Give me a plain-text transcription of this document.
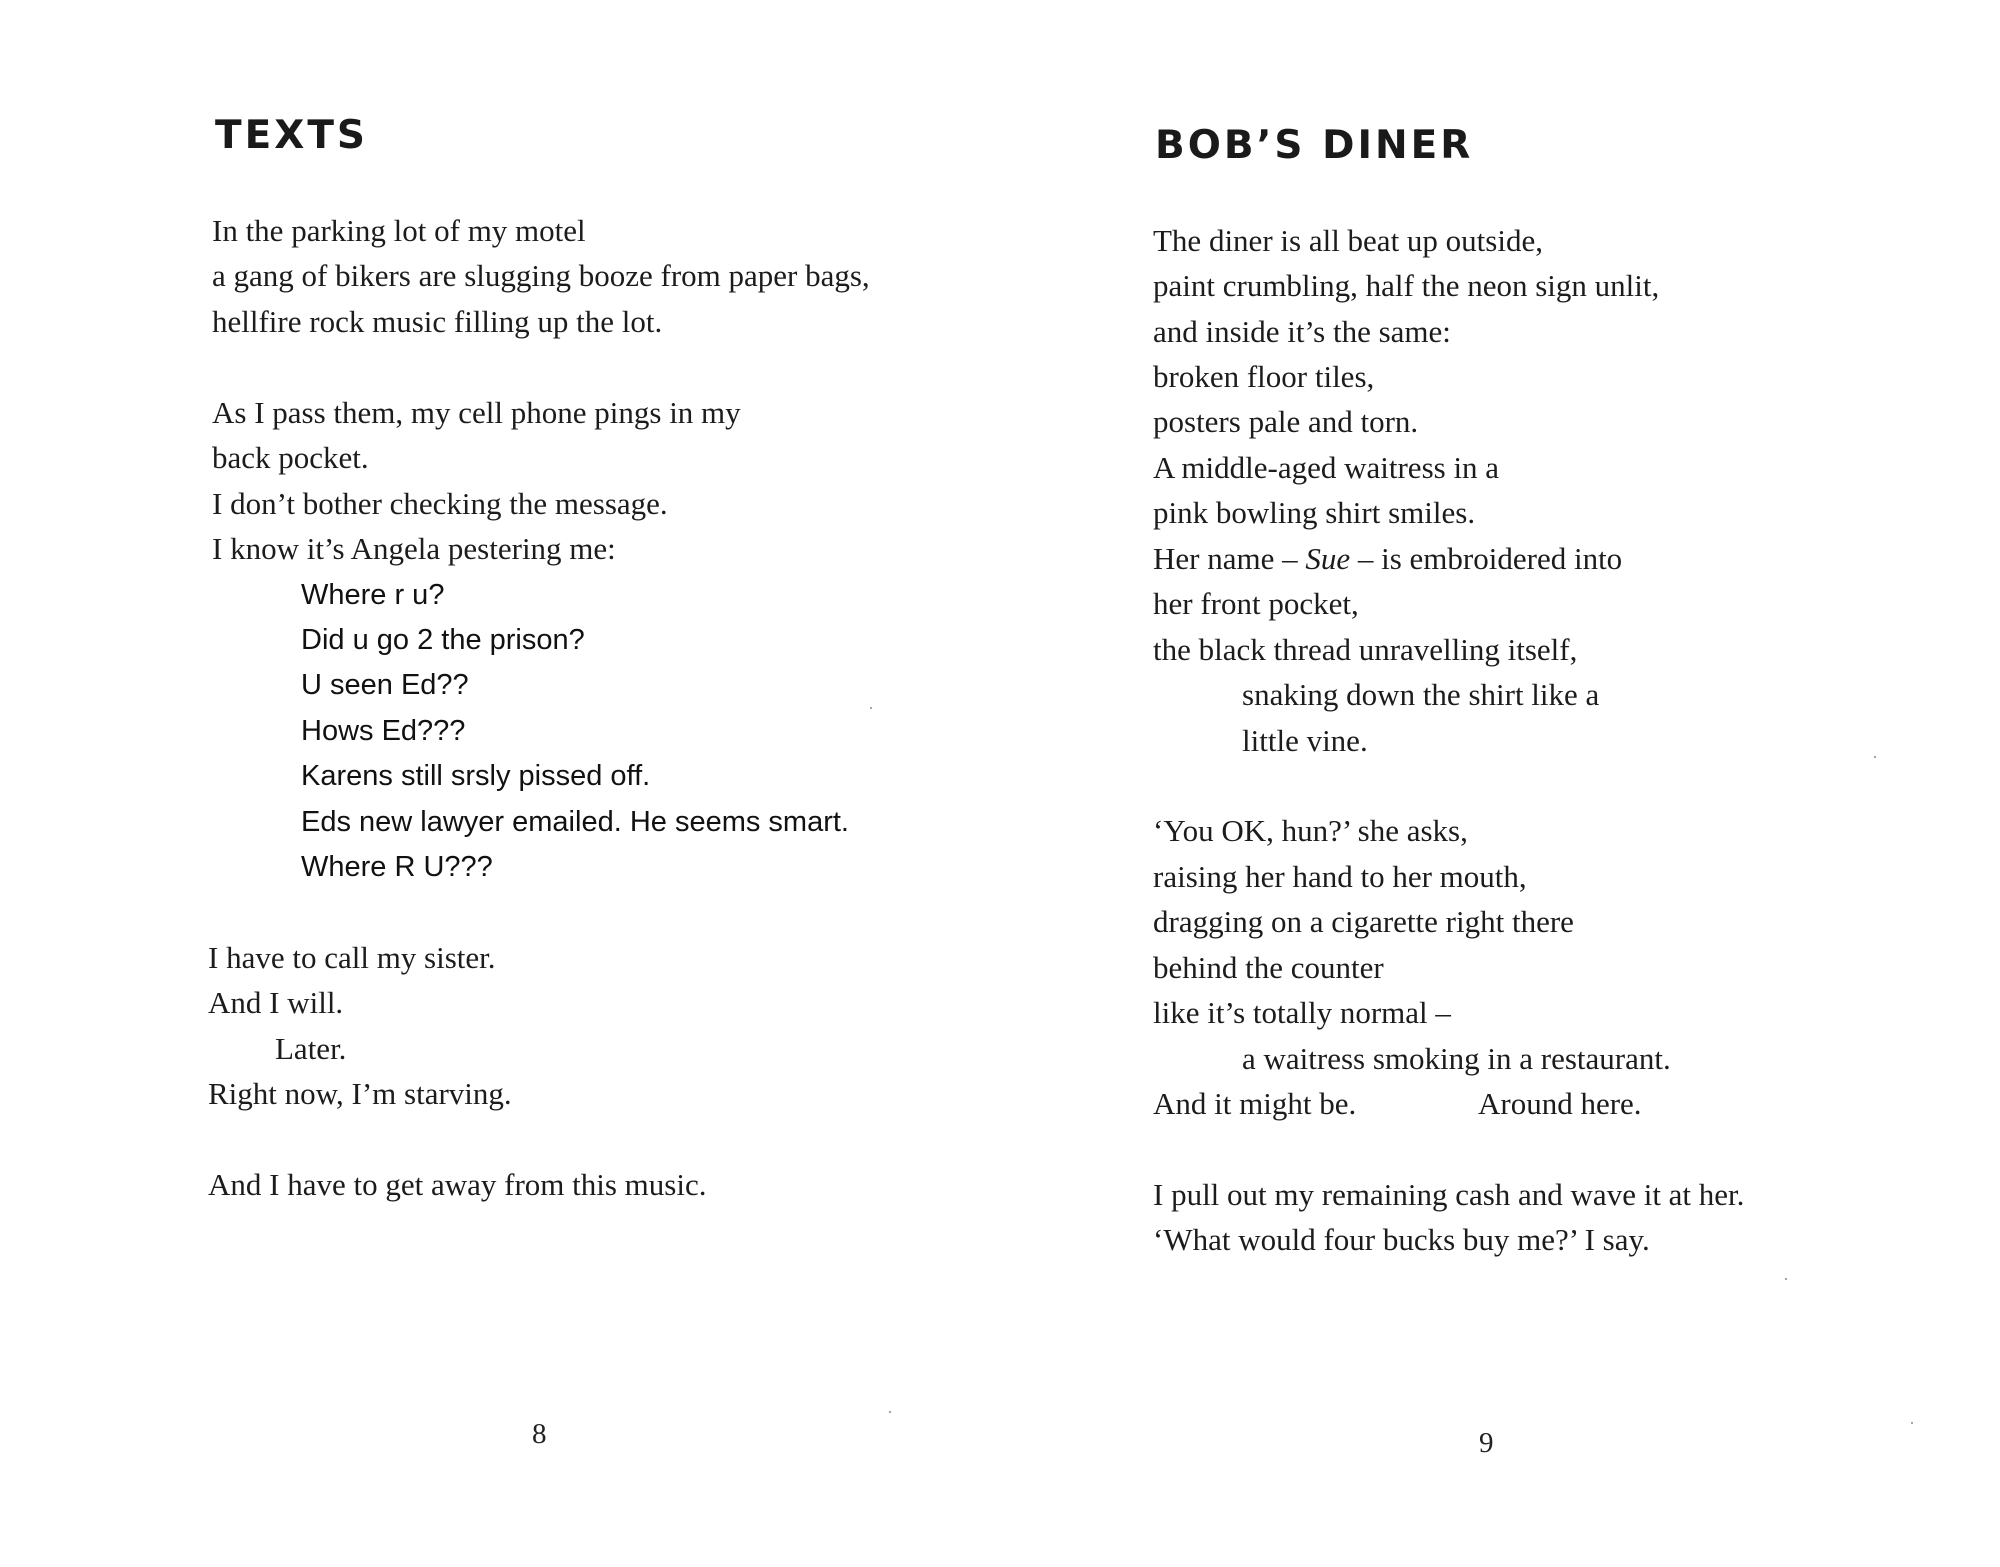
TEXTS

In the parking lot of my motel

a gang of bikers are slugging booze from paper bags,

hellfire rock music filling up the lot.

As I pass them, my cell phone pings in my

back pocket.

I don’t bother checking the message.

I know it’s Angela pestering me:

Where r u?

Did u go 2 the prison?

U seen Ed??

Hows Ed???

Karens still srsly pissed off.

Eds new lawyer emailed. He seems smart.

Where R U???

I have to call my sister.

And I will.

Later.

Right now, I’m starving.

And I have to get away from this music.

8

BOB’S DINER

The diner is all beat up outside,

paint crumbling, half the neon sign unlit,

and inside it’s the same:

broken floor tiles,

posters pale and torn.

A middle-aged waitress in a

pink bowling shirt smiles.

Her name – Sue – is embroidered into

her front pocket,

the black thread unravelling itself,

snaking down the shirt like a

little vine.

‘You OK, hun?’ she asks,

raising her hand to her mouth,

dragging on a cigarette right there

behind the counter

like it’s totally normal –

a waitress smoking in a restaurant.

And it might be.	Around here.

I pull out my remaining cash and wave it at her.

‘What would four bucks buy me?’ I say.

9
